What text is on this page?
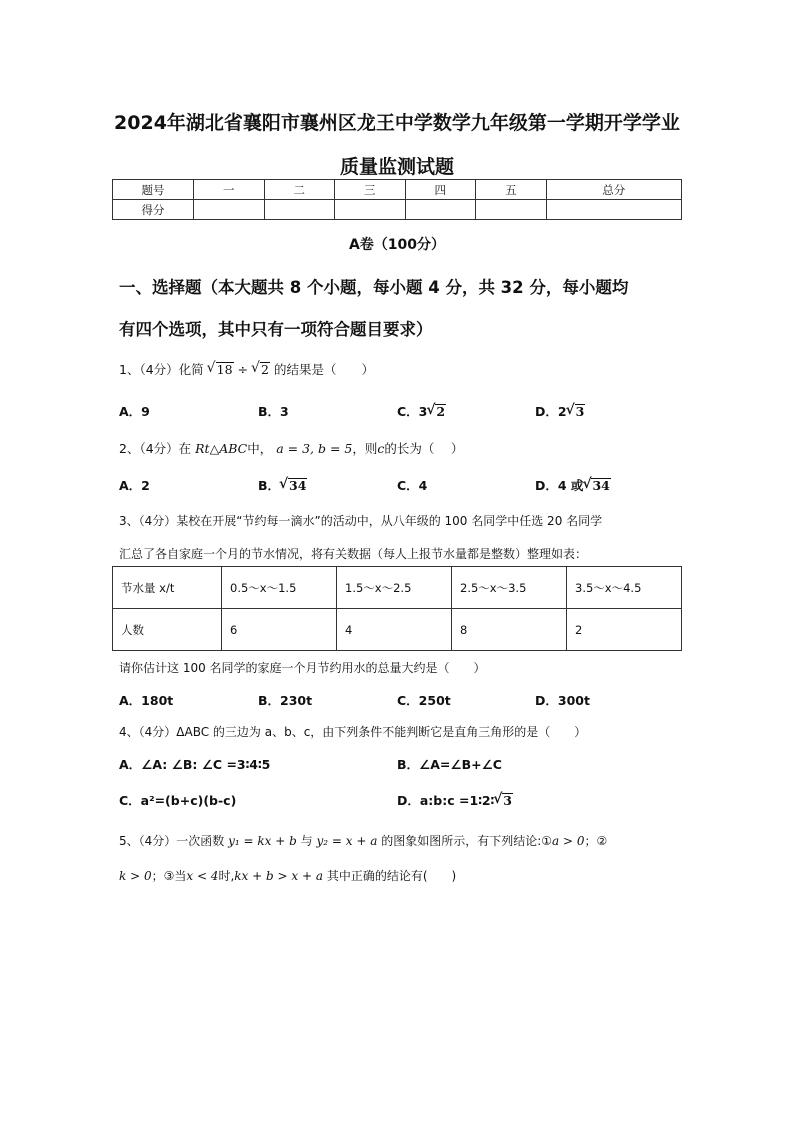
2024年湖北省襄阳市襄州区龙王中学数学九年级第一学期开学学业
质量监测试题
题号	一	二	三	四	五	总分
得分						
A卷（100分）
一、选择题（本大题共 8 个小题，每小题 4 分，共 32 分，每小题均
有四个选项，其中只有一项符合题目要求）
1、（4分）化简 √ 18 ÷ √ 2 的结果是（　　）
A．9	B．3	C．3 √ 2	D．2 √ 3
2、（4分）在 Rt△ABC中， a = 3, b = 5，则c的长为（　 ）
A．2	B． √ 34	C．4	D．4 或 √ 34
3、（4分）某校在开展“节约每一滴水”的活动中，从八年级的 100 名同学中任选 20 名同学
汇总了各自家庭一个月的节水情况，将有关数据（每人上报节水量都是整数）整理如表：
节水量 x/t	0.5～x～1.5	1.5～x～2.5	2.5～x～3.5	3.5～x～4.5
人数	6	4	8	2
请你估计这 100 名同学的家庭一个月节约用水的总量大约是（　　）
A．180t	B．230t	C．250t	D．300t
4、（4分）ΔABC 的三边为 a、b、c，由下列条件不能判断它是直角三角形的是（　　）
A．∠A: ∠B: ∠C =3∶4∶5	B．∠A=∠B+∠C
C．a²=(b+c)(b-c)	D．a:b:c =1∶2∶ √ 3
5、（4分）一次函数 y₁ = kx + b 与 y₂ = x + a 的图象如图所示，有下列结论:①a > 0；②
k > 0；③当x < 4时,kx + b > x + a 其中正确的结论有(　　)
